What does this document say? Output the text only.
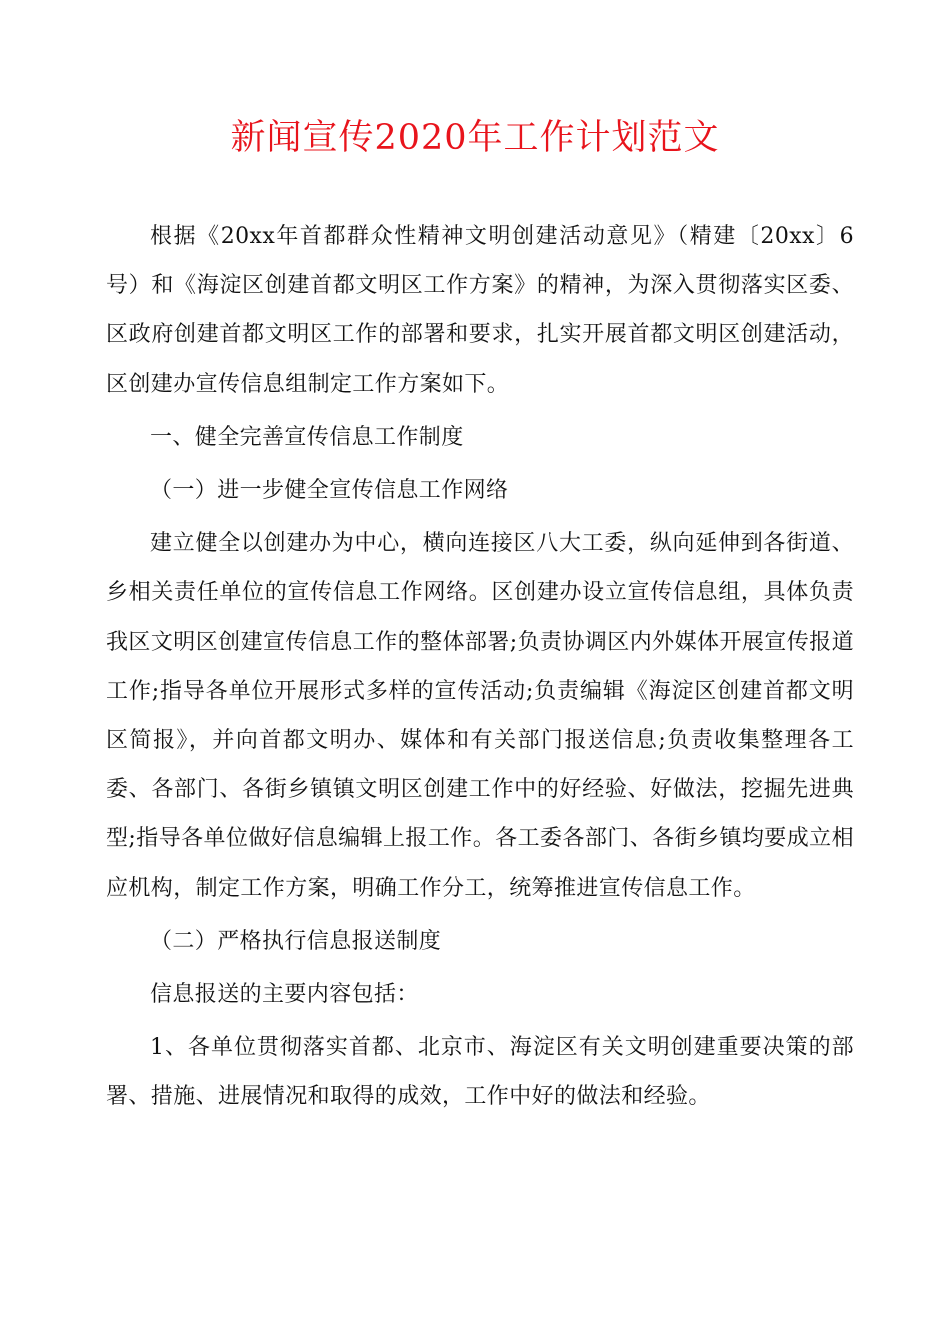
新闻宣传2020年工作计划范文

根据《20xx年首都群众性精神文明创建活动意见》（精建〔20xx〕6号）和《海淀区创建首都文明区工作方案》的精神，为深入贯彻落实区委、区政府创建首都文明区工作的部署和要求，扎实开展首都文明区创建活动，区创建办宣传信息组制定工作方案如下。

一、健全完善宣传信息工作制度

（一）进一步健全宣传信息工作网络

建立健全以创建办为中心，横向连接区八大工委，纵向延伸到各街道、乡相关责任单位的宣传信息工作网络。区创建办设立宣传信息组，具体负责我区文明区创建宣传信息工作的整体部署;负责协调区内外媒体开展宣传报道工作;指导各单位开展形式多样的宣传活动;负责编辑《海淀区创建首都文明区简报》，并向首都文明办、媒体和有关部门报送信息;负责收集整理各工委、各部门、各街乡镇镇文明区创建工作中的好经验、好做法，挖掘先进典型;指导各单位做好信息编辑上报工作。各工委各部门、各街乡镇均要成立相应机构，制定工作方案，明确工作分工，统筹推进宣传信息工作。

（二）严格执行信息报送制度

信息报送的主要内容包括：

1、各单位贯彻落实首都、北京市、海淀区有关文明创建重要决策的部署、措施、进展情况和取得的成效，工作中好的做法和经验。
